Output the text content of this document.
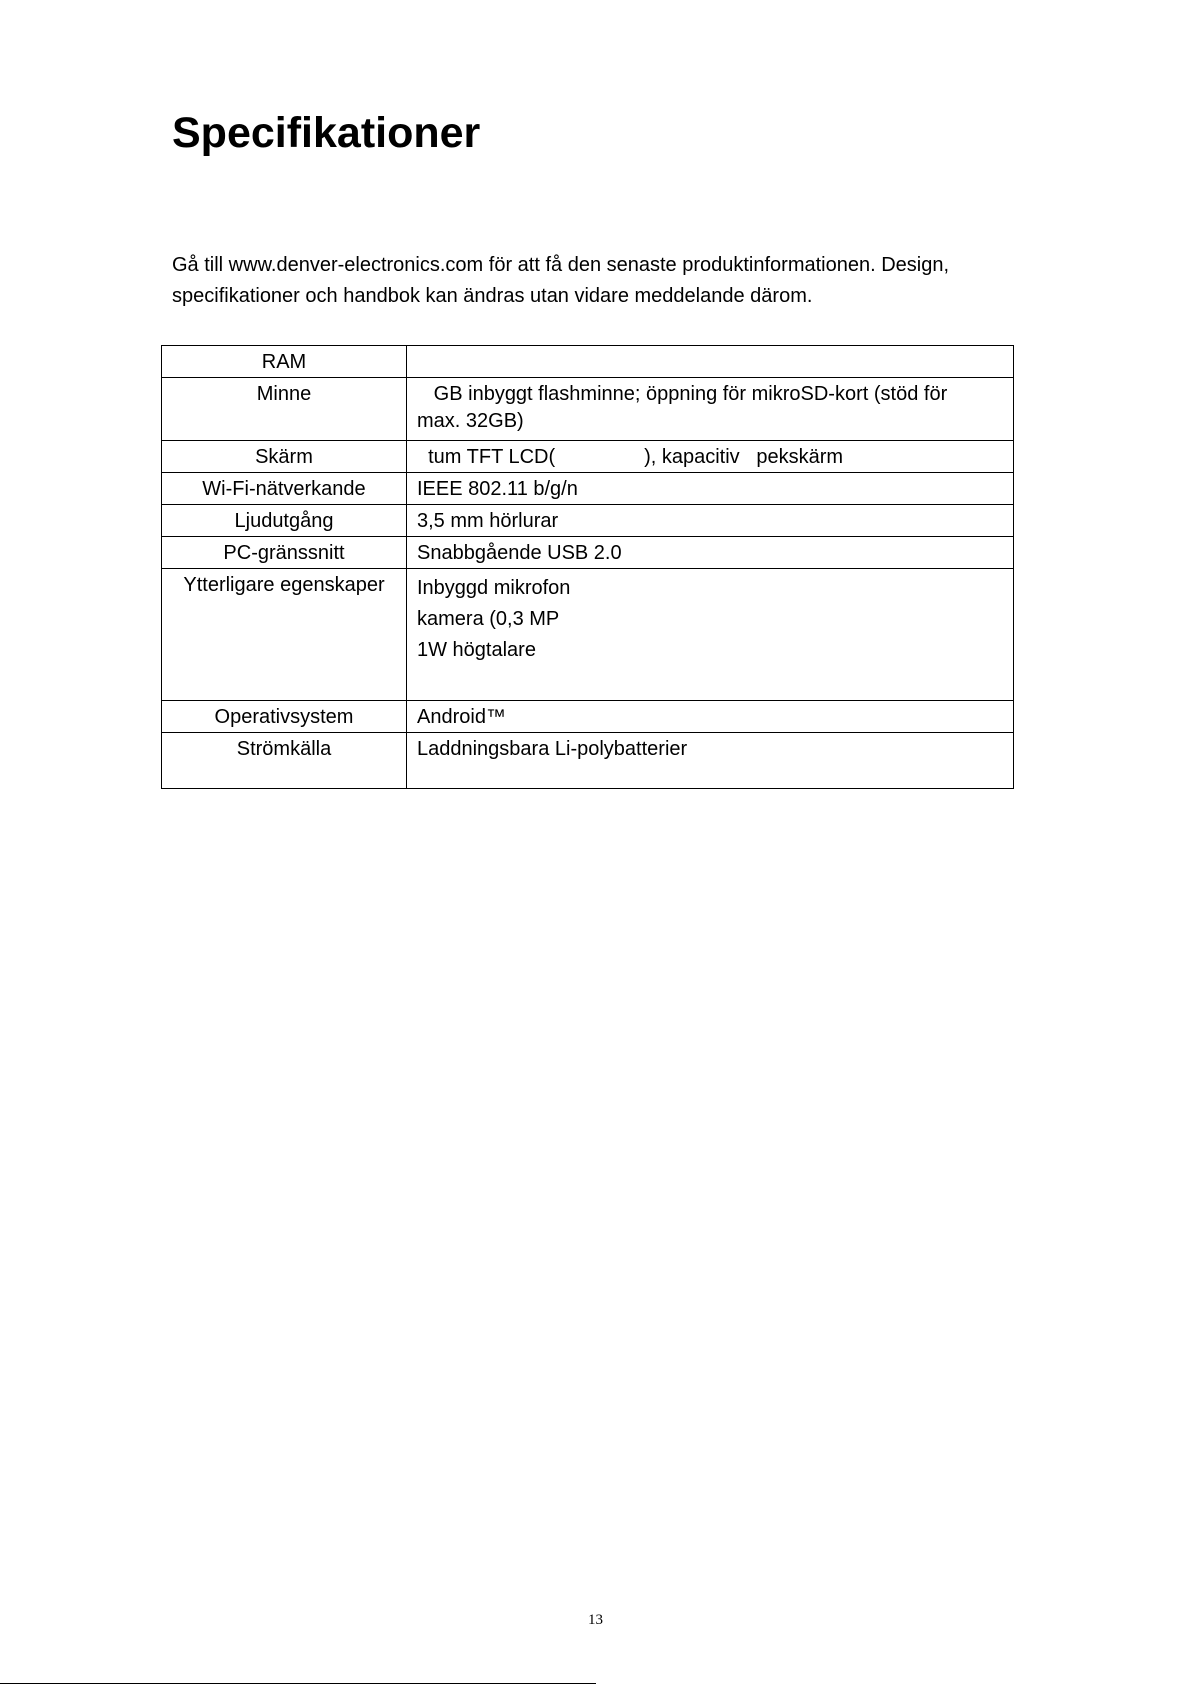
Specifikationer

Gå till www.denver-electronics.com för att få den senaste produktinformationen. Design, specifikationer och handbok kan ändras utan vidare meddelande därom.

RAM	

Minne	GB inbyggt flashminne; öppning för mikroSD-kort (stöd för
max. 32GB)

Skärm	tum TFT LCD(                ), kapacitiv   pekskärm

Wi-Fi-nätverkande	IEEE 802.11 b/g/n

Ljudutgång	3,5 mm hörlurar

PC-gränssnitt	Snabbgående USB 2.0

Ytterligare egenskaper	Inbyggd mikrofon
kamera (0,3 MP
1W högtalare

Operativsystem	Android™

Strömkälla	Laddningsbara Li-polybatterier
13
